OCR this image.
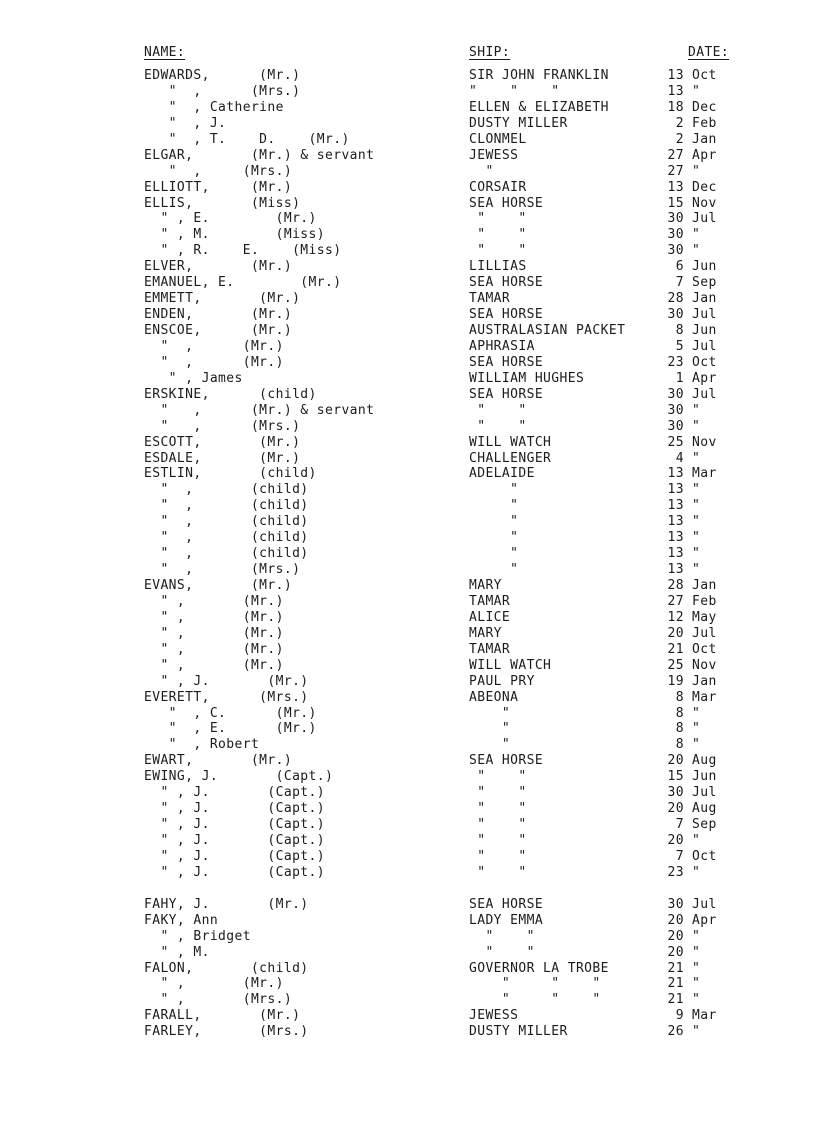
NAME:	SHIP:	DATE:
EDWARDS,      (Mr.)	SIR JOHN FRANKLIN	13 Oct
"  ,      (Mrs.)	"    "    "	13 "
"  , Catherine	ELLEN & ELIZABETH	18 Dec
"  , J.	DUSTY MILLER	2 Feb
"  , T.    D.    (Mr.)	CLONMEL	2 Jan
ELGAR,       (Mr.) & servant	JEWESS	27 Apr
"  ,     (Mrs.)	"	27 "
ELLIOTT,     (Mr.)	CORSAIR	13 Dec
ELLIS,       (Miss)	SEA HORSE	15 Nov
" , E.        (Mr.)	"    "	30 Jul
" , M.        (Miss)	"    "	30 "
" , R.    E.    (Miss)	"    "	30 "
ELVER,       (Mr.)	LILLIAS	6 Jun
EMANUEL, E.        (Mr.)	SEA HORSE	7 Sep
EMMETT,       (Mr.)	TAMAR	28 Jan
ENDEN,       (Mr.)	SEA HORSE	30 Jul
ENSCOE,      (Mr.)	AUSTRALASIAN PACKET	8 Jun
"  ,      (Mr.)	APHRASIA	5 Jul
"  ,      (Mr.)	SEA HORSE	23 Oct
" , James	WILLIAM HUGHES	1 Apr
ERSKINE,      (child)	SEA HORSE	30 Jul
"   ,      (Mr.) & servant	"    "	30 "
"   ,      (Mrs.)	"    "	30 "
ESCOTT,       (Mr.)	WILL WATCH	25 Nov
ESDALE,       (Mr.)	CHALLENGER	4 "
ESTLIN,       (child)	ADELAIDE	13 Mar
"  ,       (child)	"	13 "
"  ,       (child)	"	13 "
"  ,       (child)	"	13 "
"  ,       (child)	"	13 "
"  ,       (child)	"	13 "
"  ,       (Mrs.)	"	13 "
EVANS,       (Mr.)	MARY	28 Jan
" ,       (Mr.)	TAMAR	27 Feb
" ,       (Mr.)	ALICE	12 May
" ,       (Mr.)	MARY	20 Jul
" ,       (Mr.)	TAMAR	21 Oct
" ,       (Mr.)	WILL WATCH	25 Nov
" , J.       (Mr.)	PAUL PRY	19 Jan
EVERETT,      (Mrs.)	ABEONA	8 Mar
"  , C.      (Mr.)	"	8 "
"  , E.      (Mr.)	"	8 "
"  , Robert	"	8 "
EWART,       (Mr.)	SEA HORSE	20 Aug
EWING, J.       (Capt.)	"    "	15 Jun
" , J.       (Capt.)	"    "	30 Jul
" , J.       (Capt.)	"    "	20 Aug
" , J.       (Capt.)	"    "	7 Sep
" , J.       (Capt.)	"    "	20 "
" , J.       (Capt.)	"    "	7 Oct
" , J.       (Capt.)	"    "	23 "
FAHY, J.       (Mr.)	SEA HORSE	30 Jul
FAKY, Ann	LADY EMMA	20 Apr
" , Bridget	"    "	20 "
" , M.	"    "	20 "
FALON,       (child)	GOVERNOR LA TROBE	21 "
" ,       (Mr.)	"     "    "	21 "
" ,       (Mrs.)	"     "    "	21 "
FARALL,       (Mr.)	JEWESS	9 Mar
FARLEY,       (Mrs.)	DUSTY MILLER	26 "
